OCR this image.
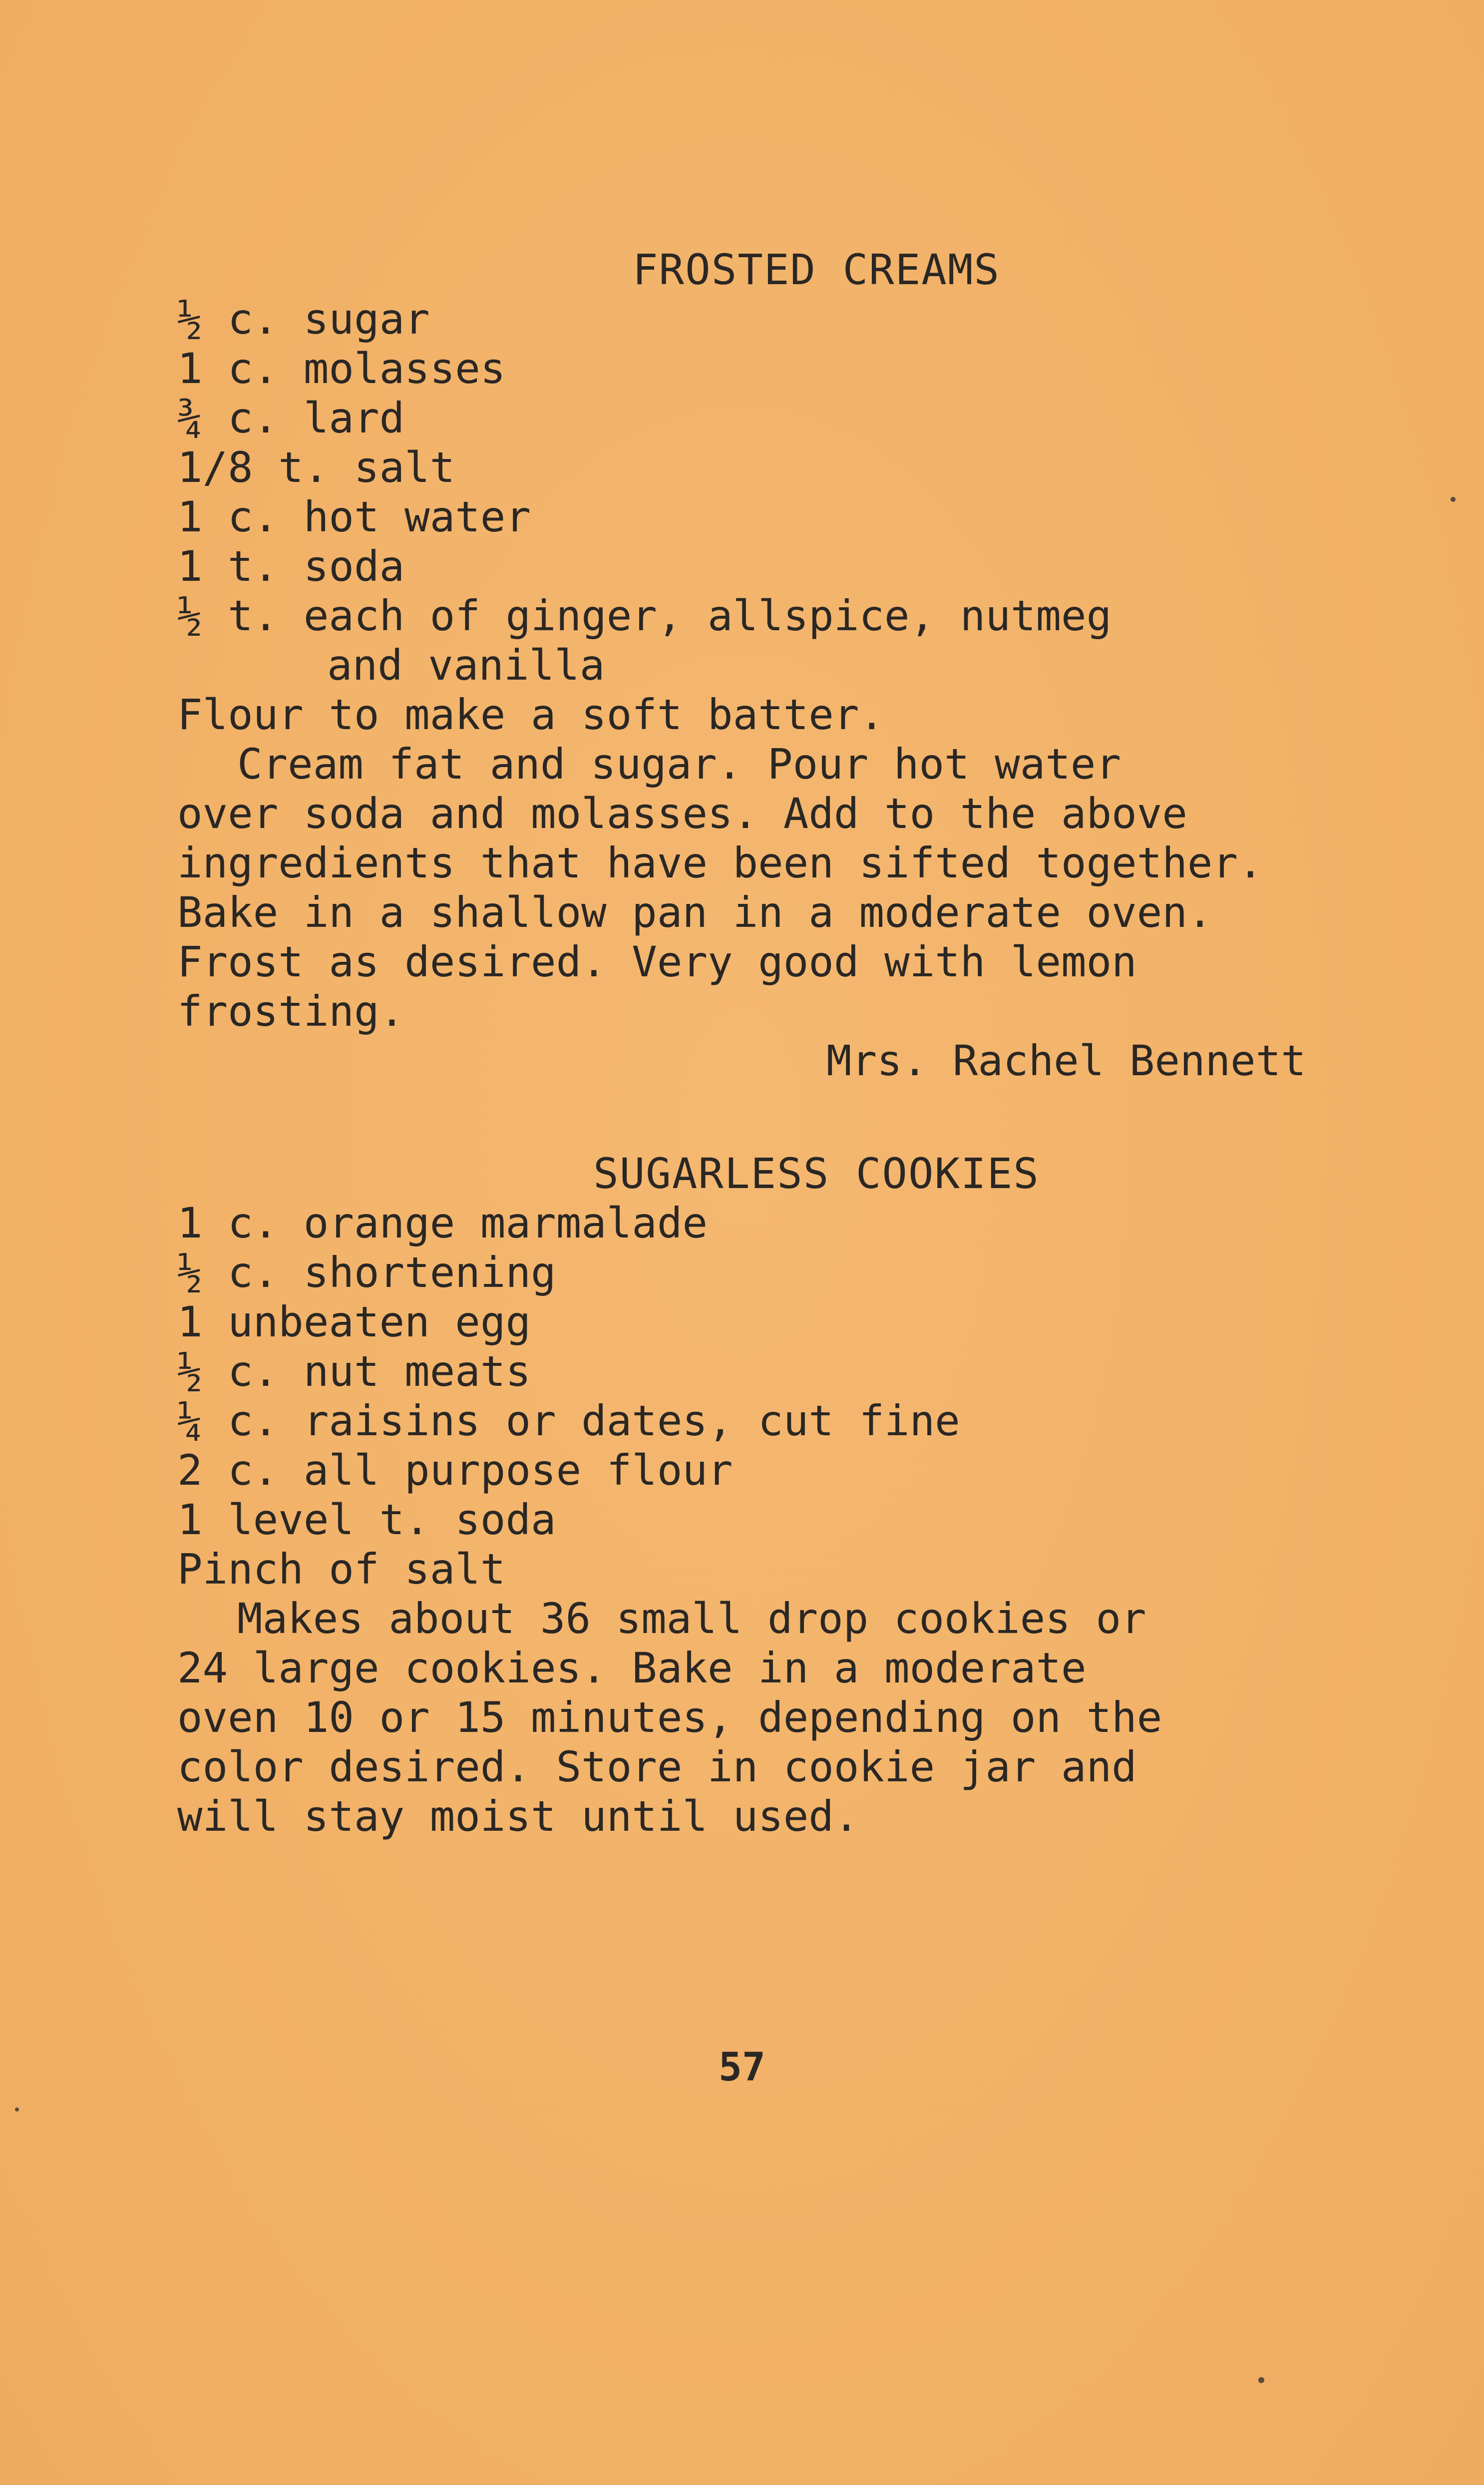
FROSTED CREAMS

½ c. sugar

1 c. molasses

¾ c. lard

1/8 t. salt

1 c. hot water

1 t. soda

½ t. each of ginger, allspice, nutmeg

and vanilla

Flour to make a soft batter.

Cream fat and sugar. Pour hot water

over soda and molasses. Add to the above

ingredients that have been sifted together.

Bake in a shallow pan in a moderate oven.

Frost as desired. Very good with lemon

frosting.

Mrs. Rachel Bennett

SUGARLESS COOKIES

1 c. orange marmalade

½ c. shortening

1 unbeaten egg

½ c. nut meats

¼ c. raisins or dates, cut fine

2 c. all purpose flour

1 level t. soda

Pinch of salt

Makes about 36 small drop cookies or

24 large cookies. Bake in a moderate

oven 10 or 15 minutes, depending on the

color desired. Store in cookie jar and

will stay moist until used.

57
